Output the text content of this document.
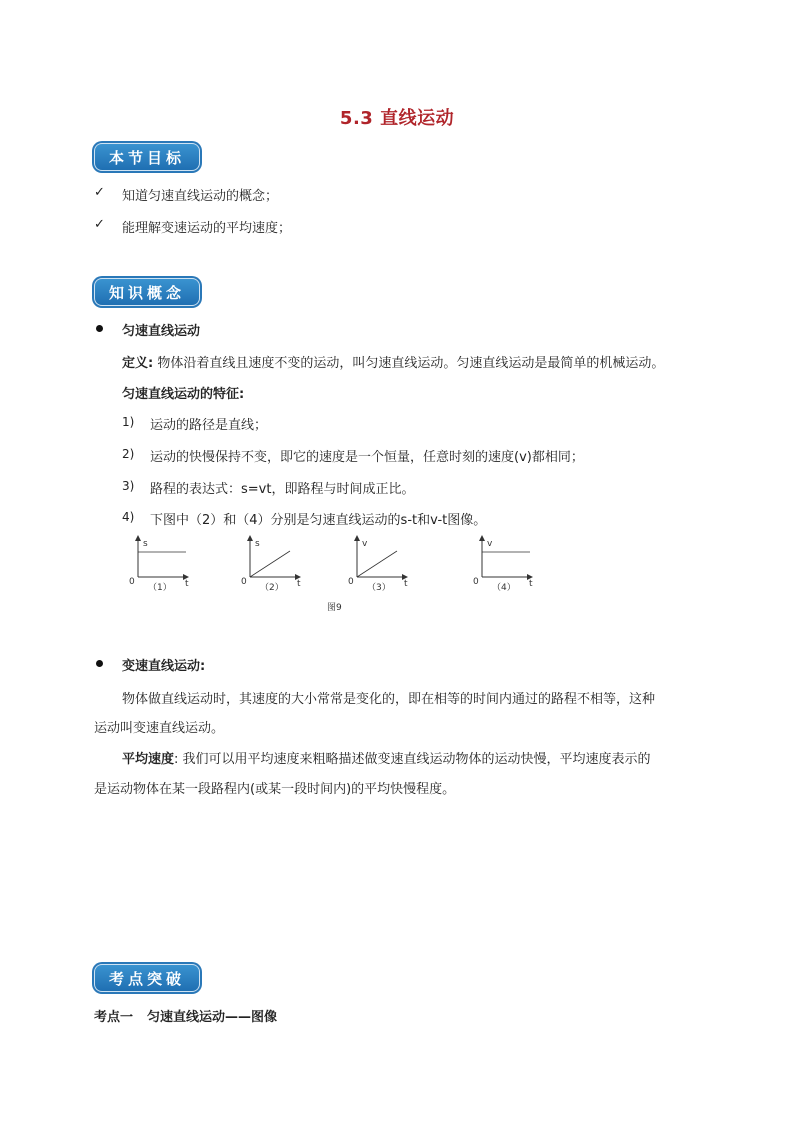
5.3 直线运动
本节目标
✓ 知道匀速直线运动的概念；
✓ 能理解变速运动的平均速度；
知识概念
匀速直线运动
定义: 物体沿着直线且速度不变的运动，叫匀速直线运动。匀速直线运动是最简单的机械运动。
匀速直线运动的特征:
1) 运动的路径是直线；
2) 运动的快慢保持不变，即它的速度是一个恒量，任意时刻的速度(v)都相同；
3) 路程的表达式：s=vt，即路程与时间成正比。
4) 下图中（2）和（4）分别是匀速直线运动的s-t和v-t图像。
s
t
0
（1）
s
t
0
（2）
v
t
0
（3）
v
t
0
（4）
图9
变速直线运动:
物体做直线运动时，其速度的大小常常是变化的，即在相等的时间内通过的路程不相等，这种
运动叫变速直线运动。
平均速度: 我们可以用平均速度来粗略描述做变速直线运动物体的运动快慢，平均速度表示的
是运动物体在某一段路程内(或某一段时间内)的平均快慢程度。
考点突破
考点一 匀速直线运动——图像
